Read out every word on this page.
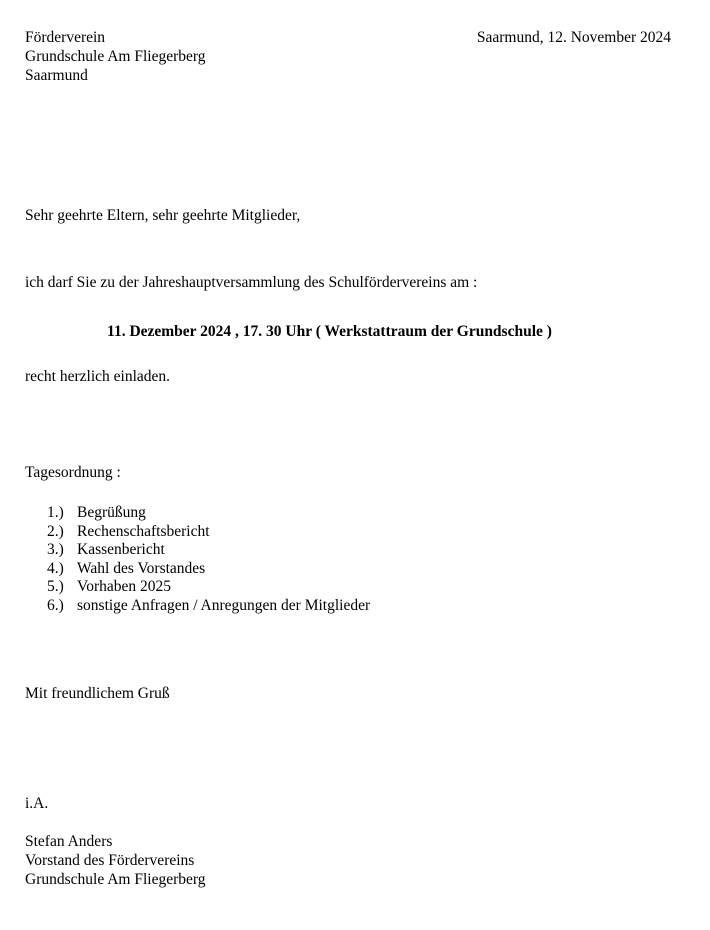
Förderverein
Grundschule Am Fliegerberg
Saarmund
Saarmund, 12. November 2024
Sehr geehrte Eltern, sehr geehrte Mitglieder,
ich darf Sie zu der Jahreshauptversammlung des Schulfördervereins am :
11. Dezember 2024 , 17. 30 Uhr ( Werkstattraum der Grundschule )
recht herzlich einladen.
Tagesordnung :
1.) Begrüßung
2.) Rechenschaftsbericht
3.) Kassenbericht
4.) Wahl des Vorstandes
5.) Vorhaben 2025
6.) sonstige Anfragen / Anregungen der Mitglieder
Mit freundlichem Gruß
i.A.
Stefan Anders
Vorstand des Fördervereins
Grundschule Am Fliegerberg
